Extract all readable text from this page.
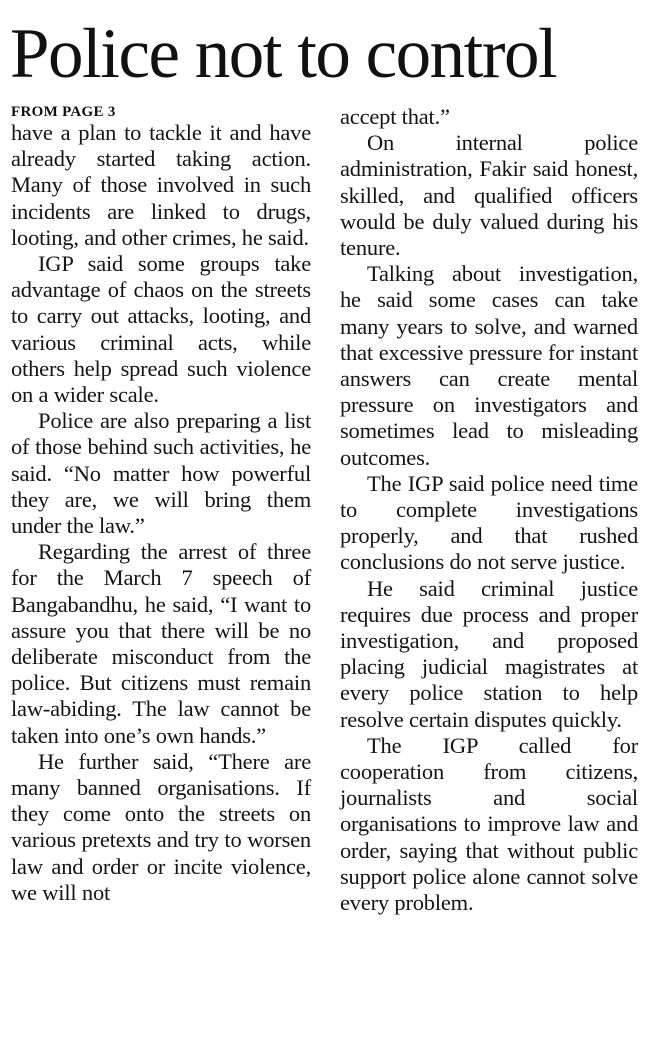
Police not to control
FROM PAGE 3

have a plan to tackle it and have already started taking action. Many of those involved in such incidents are linked to drugs, looting, and other crimes, he said.

IGP said some groups take advantage of chaos on the streets to carry out attacks, looting, and various criminal acts, while others help spread such violence on a wider scale.

Police are also preparing a list of those behind such activities, he said. “No matter how powerful they are, we will bring them under the law.”

Regarding the arrest of three for the March 7 speech of Bangabandhu, he said, “I want to assure you that there will be no deliberate misconduct from the police. But citizens must remain law-abiding. The law cannot be taken into one’s own hands.”

He further said, “There are many banned organisations. If they come onto the streets on various pretexts and try to worsen law and order or incite violence, we will not

accept that.”

On internal police administration, Fakir said honest, skilled, and qualified officers would be duly valued during his tenure.

Talking about investigation, he said some cases can take many years to solve, and warned that excessive pressure for instant answers can create mental pressure on investigators and sometimes lead to misleading outcomes.

The IGP said police need time to complete investigations properly, and that rushed conclusions do not serve justice.

He said criminal justice requires due process and proper investigation, and proposed placing judicial magistrates at every police station to help resolve certain disputes quickly.

The IGP called for cooperation from citizens, journalists and social organisations to improve law and order, saying that without public support police alone cannot solve every problem.
